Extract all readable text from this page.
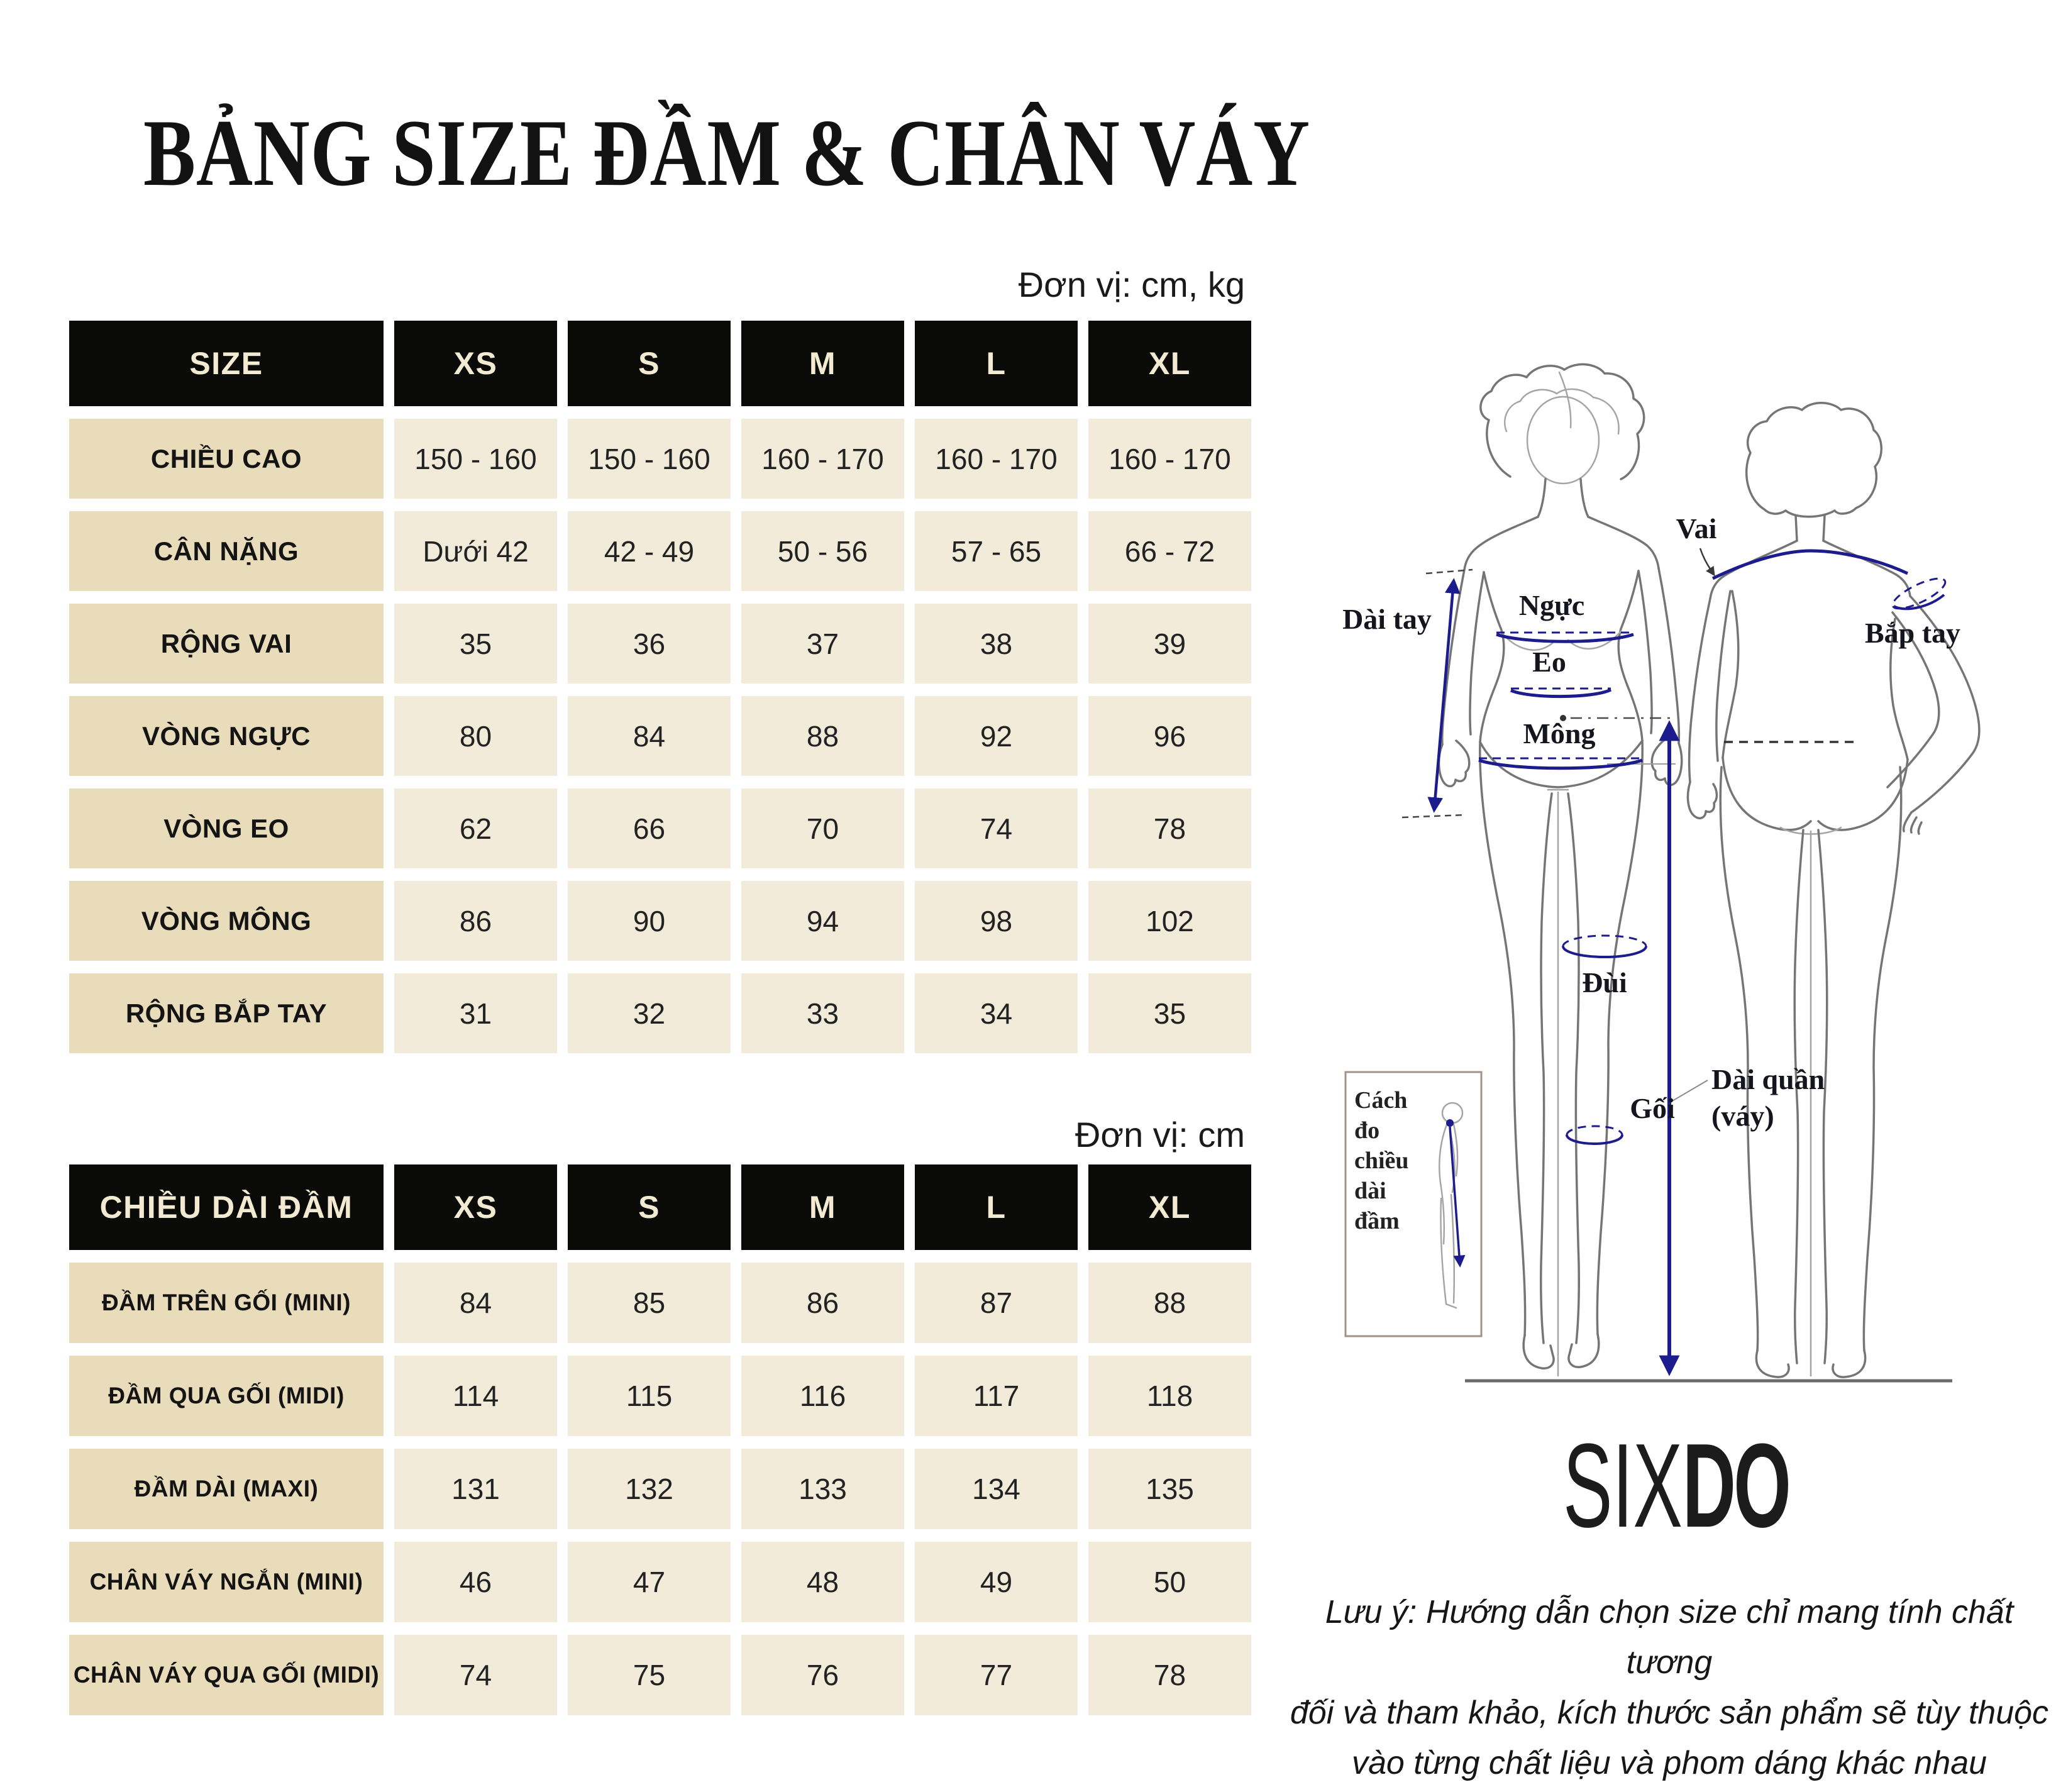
BẢNG SIZE ĐẦM & CHÂN VÁY
Đơn vị: cm, kg
Đơn vị: cm
SIZE	XS	S	M	L	XL
CHIỀU CAO	150 - 160	150 - 160	160 - 170	160 - 170	160 - 170
CÂN NẶNG	Dưới 42	42 - 49	50 - 56	57 - 65	66 - 72
RỘNG VAI	35	36	37	38	39
VÒNG NGỰC	80	84	88	92	96
VÒNG EO	62	66	70	74	78
VÒNG MÔNG	86	90	94	98	102
RỘNG BẮP TAY	31	32	33	34	35
CHIỀU DÀI ĐẦM	XS	S	M	L	XL
ĐẦM TRÊN GỐI (MINI)	84	85	86	87	88
ĐẦM QUA GỐI (MIDI)	114	115	116	117	118
ĐẦM DÀI (MAXI)	131	132	133	134	135
CHÂN VÁY NGẮN (MINI)	46	47	48	49	50
CHÂN VÁY QUA GỐI (MIDI)	74	75	76	77	78
Dài tay	Ngực
Eo
Mông
Đùi
Gối
Vai
Bắp tay
Dài quần
(váy)
Cách
đo
chiều
dài
đầm
SIXDO
Lưu ý: Hướng dẫn chọn size chỉ mang tính chất tương
đối và tham khảo, kích thước sản phẩm sẽ tùy thuộc
vào từng chất liệu và phom dáng khác nhau
